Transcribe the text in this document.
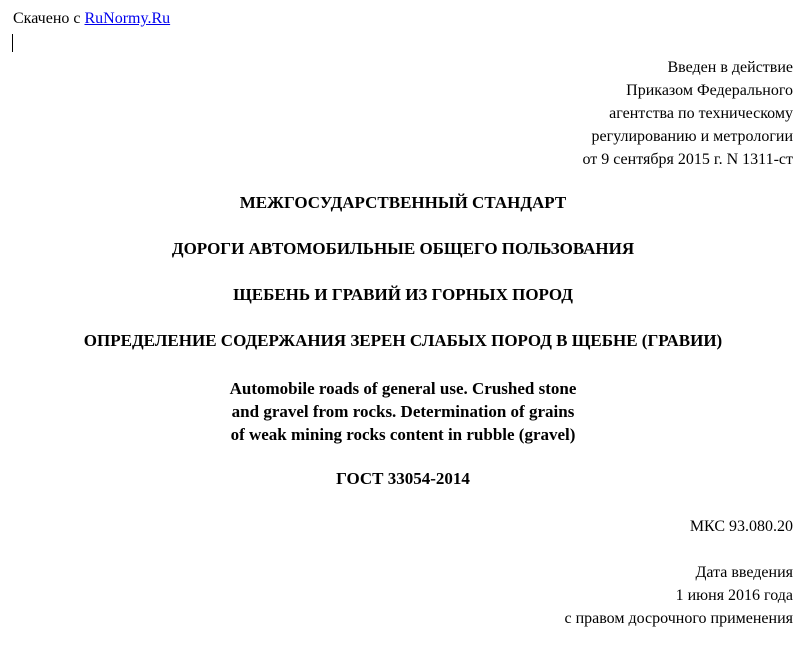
Скачено с RuNormy.Ru
Введен в действие
Приказом Федерального
агентства по техническому
регулированию и метрологии
от 9 сентября 2015 г. N 1311-ст
МЕЖГОСУДАРСТВЕННЫЙ СТАНДАРТ
ДОРОГИ АВТОМОБИЛЬНЫЕ ОБЩЕГО ПОЛЬЗОВАНИЯ
ЩЕБЕНЬ И ГРАВИЙ ИЗ ГОРНЫХ ПОРОД
ОПРЕДЕЛЕНИЕ СОДЕРЖАНИЯ ЗЕРЕН СЛАБЫХ ПОРОД В ЩЕБНЕ (ГРАВИИ)
Automobile roads of general use. Crushed stone
and gravel from rocks. Determination of grains
of weak mining rocks content in rubble (gravel)
ГОСТ 33054-2014
МКС 93.080.20
Дата введения
1 июня 2016 года
с правом досрочного применения
